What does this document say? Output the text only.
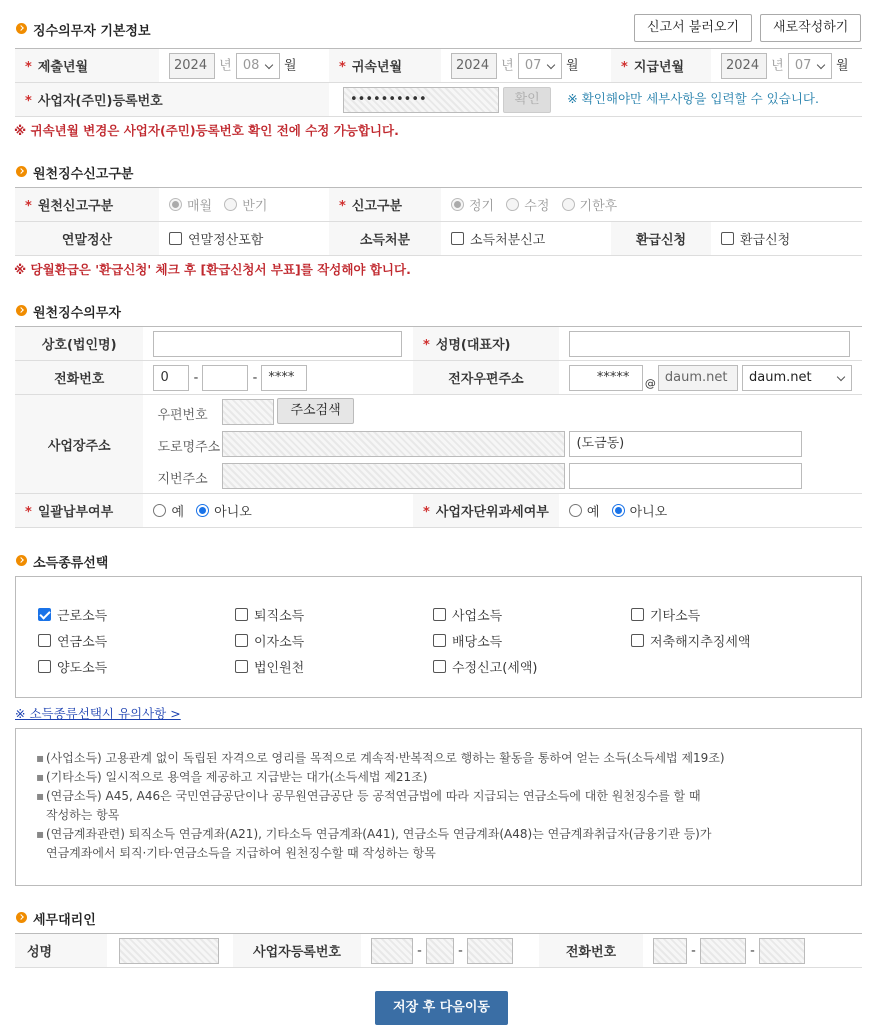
징수의무자 기본정보	신고서 불러오기	새로작성하기
* 제출년월	2024 년 08 월	* 귀속년월	2024 년 07 월	* 지급년월	2024 년 07 월
* 사업자(주민)등록번호		•••••••••• 확인 ※ 확인해야만 세부사항을 입력할 수 있습니다.			
※ 귀속년월 변경은 사업자(주민)등록번호 확인 전에 수정 가능합니다.
원천징수신고구분
* 원천신고구분	매월 반기	* 신고구분	정기 수정 기한후		
연말정산	연말정산포함	소득처분	소득처분신고	환급신청	환급신청
※ 당월환급은 '환급신청' 체크 후 [환급신청서 부표]를 작성해야 합니다.
원천징수의무자
상호(법인명)		* 성명(대표자)	
전화번호	0 - - ****	전자우편주소	***** $_@$ daum.net daum.net
사업장주소	우편번호 주소검색
도로명주소 (도금동)
지번주소		

* 일괄납부여부	예 아니오	* 사업자단위과세여부	예 아니오
소득종류선택
근로소득	퇴직소득	사업소득	기타소득
연금소득	이자소득	배당소득	저축해지추징세액
양도소득	법인원천	수정신고(세액)
※ 소득종류선택시 유의사항 >
▪ (사업소득) 고용관계 없이 독립된 자격으로 영리를 목적으로 계속적·반복적으로 행하는 활동을 통하여 얻는 소득(소득세법 제19조)
▪ (기타소득) 일시적으로 용역을 제공하고 지급받는 대가(소득세법 제21조)
▪ (연금소득) A45, A46은 국민연금공단이나 공무원연금공단 등 공적연금법에 따라 지급되는 연금소득에 대한 원천징수를 할 때
작성하는 항목
▪ (연금계좌관련) 퇴직소득 연금계좌(A21), 기타소득 연금계좌(A41), 연금소득 연금계좌(A48)는 연금계좌취급자(금융기관 등)가
연금계좌에서 퇴직·기타·연금소득을 지급하여 원천징수할 때 작성하는 항목
세무대리인
성명		사업자등록번호	-	-	전화번호	-	-
저장 후 다음이동
